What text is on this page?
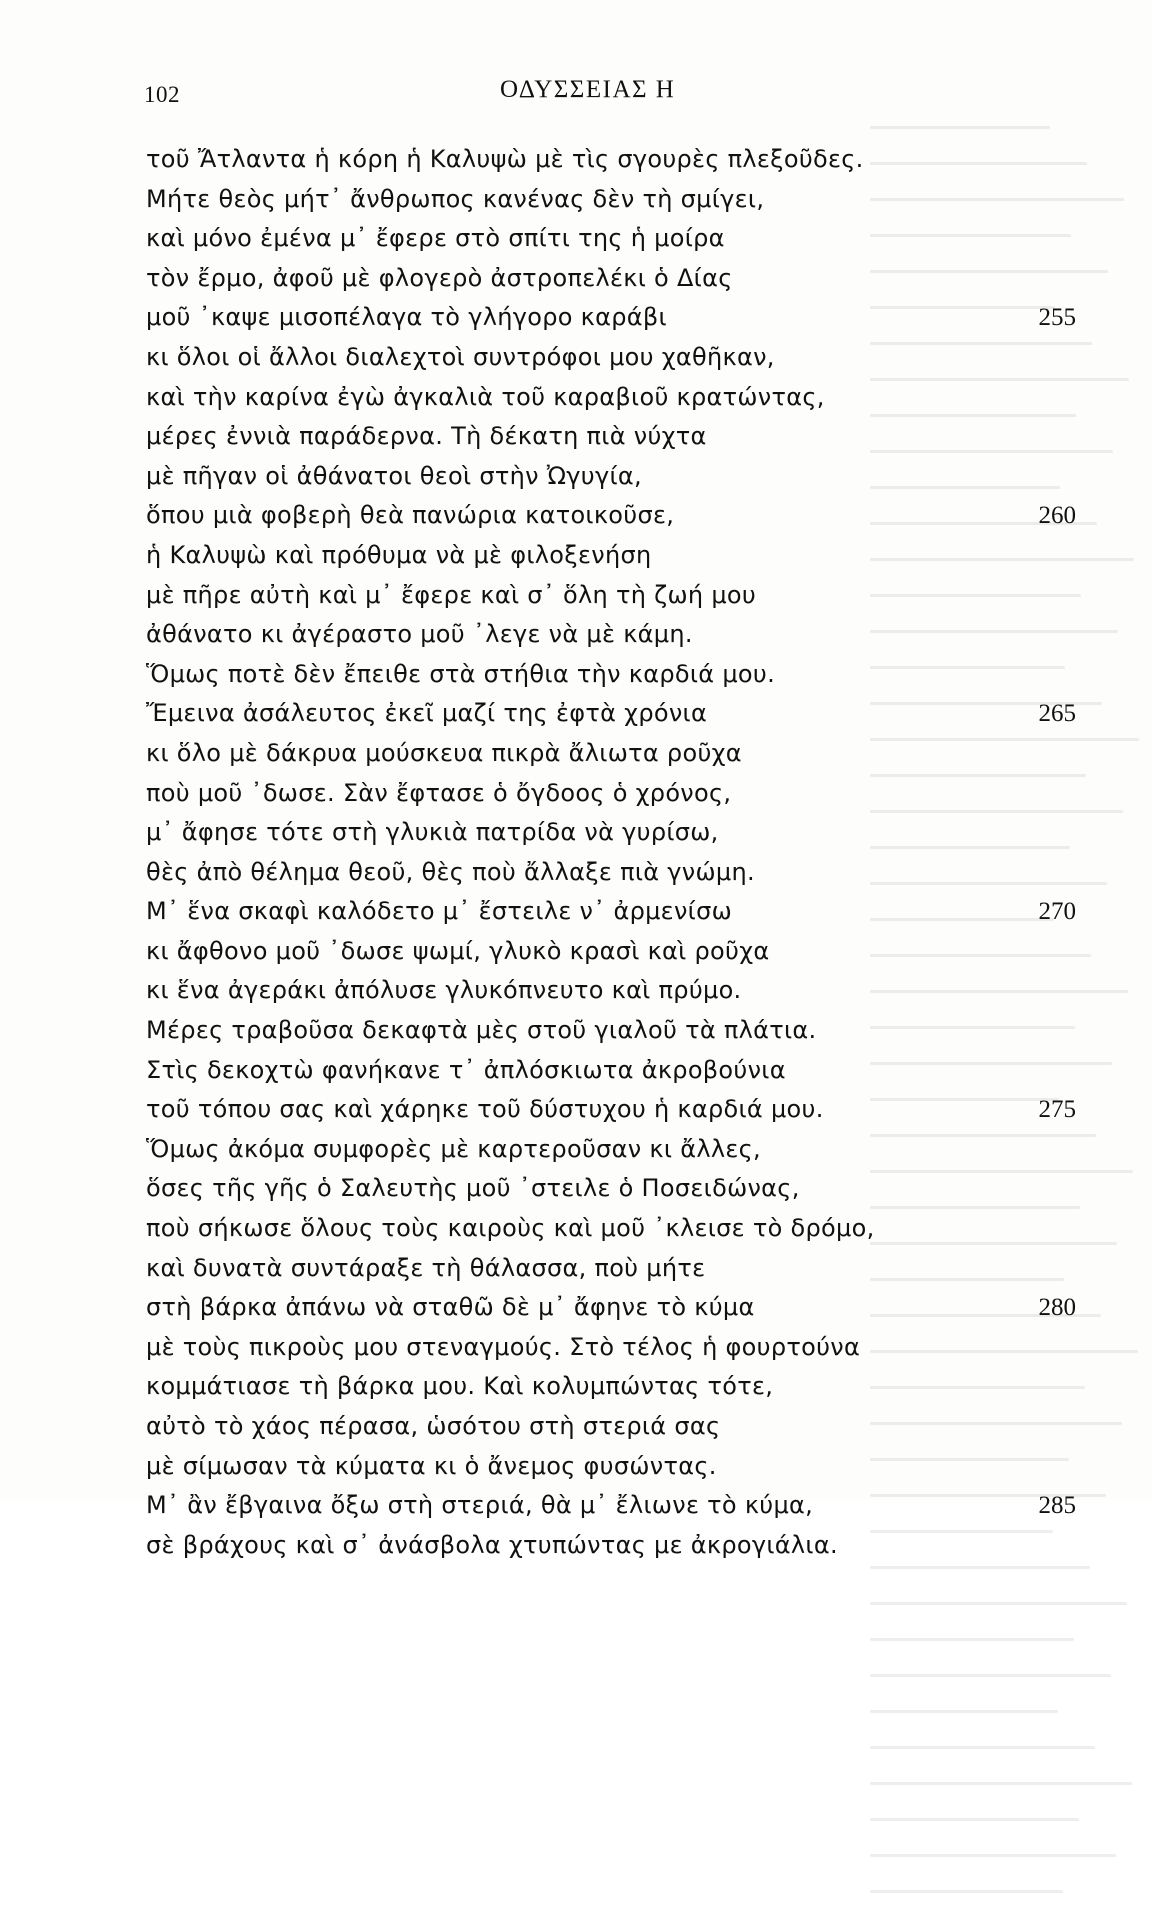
102	ΟΔΥΣΣΕΙΑΣ Η
τοῦ Ἄτλαντα ἡ κόρη ἡ Καλυψὼ μὲ τὶς σγουρὲς πλεξοῦδες.
Μήτε θεὸς μήτ᾽ ἄνθρωπος κανένας δὲν τὴ σμίγει,
καὶ μόνο ἐμένα μ᾽ ἔφερε στὸ σπίτι της ἡ μοίρα
τὸν ἔρμο, ἀφοῦ μὲ φλογερὸ ἀστροπελέκι ὁ Δίας
μοῦ ᾽καψε μισοπέλαγα τὸ γλήγορο καράβι	255
κι ὅλοι οἱ ἄλλοι διαλεχτοὶ συντρόφοι μου χαθῆκαν,
καὶ τὴν καρίνα ἐγὼ ἀγκαλιὰ τοῦ καραβιοῦ κρατώντας,
μέρες ἐννιὰ παράδερνα. Τὴ δέκατη πιὰ νύχτα
μὲ πῆγαν οἱ ἀθάνατοι θεοὶ στὴν Ὠγυγία,
ὅπου μιὰ φοβερὴ θεὰ πανώρια κατοικοῦσε,	260
ἡ Καλυψὼ καὶ πρόθυμα νὰ μὲ φιλοξενήση
μὲ πῆρε αὐτὴ καὶ μ᾽ ἔφερε καὶ σ᾽ ὅλη τὴ ζωή μου
ἀθάνατο κι ἀγέραστο μοῦ ᾽λεγε νὰ μὲ κάμη.
Ὅμως ποτὲ δὲν ἔπειθε στὰ στήθια τὴν καρδιά μου.
Ἔμεινα ἀσάλευτος ἐκεῖ μαζί της ἐφτὰ χρόνια	265
κι ὅλο μὲ δάκρυα μούσκευα πικρὰ ἄλιωτα ροῦχα
ποὺ μοῦ ᾽δωσε. Σὰν ἔφτασε ὁ ὄγδοος ὁ χρόνος,
μ᾽ ἄφησε τότε στὴ γλυκιὰ πατρίδα νὰ γυρίσω,
θὲς ἀπὸ θέλημα θεοῦ, θὲς ποὺ ἄλλαξε πιὰ γνώμη.
Μ᾽ ἕνα σκαφὶ καλόδετο μ᾽ ἔστειλε ν᾽ ἀρμενίσω	270
κι ἄφθονο μοῦ ᾽δωσε ψωμί, γλυκὸ κρασὶ καὶ ροῦχα
κι ἕνα ἀγεράκι ἀπόλυσε γλυκόπνευτο καὶ πρύμο.
Μέρες τραβοῦσα δεκαφτὰ μὲς στοῦ γιαλοῦ τὰ πλάτια.
Στὶς δεκοχτὼ φανήκανε τ᾽ ἀπλόσκιωτα ἀκροβούνια
τοῦ τόπου σας καὶ χάρηκε τοῦ δύστυχου ἡ καρδιά μου.	275
Ὅμως ἀκόμα συμφορὲς μὲ καρτεροῦσαν κι ἄλλες,
ὅσες τῆς γῆς ὁ Σαλευτὴς μοῦ ᾽στειλε ὁ Ποσειδώνας,
ποὺ σήκωσε ὅλους τοὺς καιροὺς καὶ μοῦ ᾽κλεισε τὸ δρόμο,
καὶ δυνατὰ συντάραξε τὴ θάλασσα, ποὺ μήτε
στὴ βάρκα ἀπάνω νὰ σταθῶ δὲ μ᾽ ἄφηνε τὸ κύμα	280
μὲ τοὺς πικροὺς μου στεναγμούς. Στὸ τέλος ἡ φουρτούνα
κομμάτιασε τὴ βάρκα μου. Καὶ κολυμπώντας τότε,
αὐτὸ τὸ χάος πέρασα, ὡσότου στὴ στεριά σας
μὲ σίμωσαν τὰ κύματα κι ὁ ἄνεμος φυσώντας.
Μ᾽ ἂν ἔβγαινα ὄξω στὴ στεριά, θὰ μ᾽ ἔλιωνε τὸ κύμα,	285
σὲ βράχους καὶ σ᾽ ἀνάσβολα χτυπώντας με ἀκρογιάλια.
